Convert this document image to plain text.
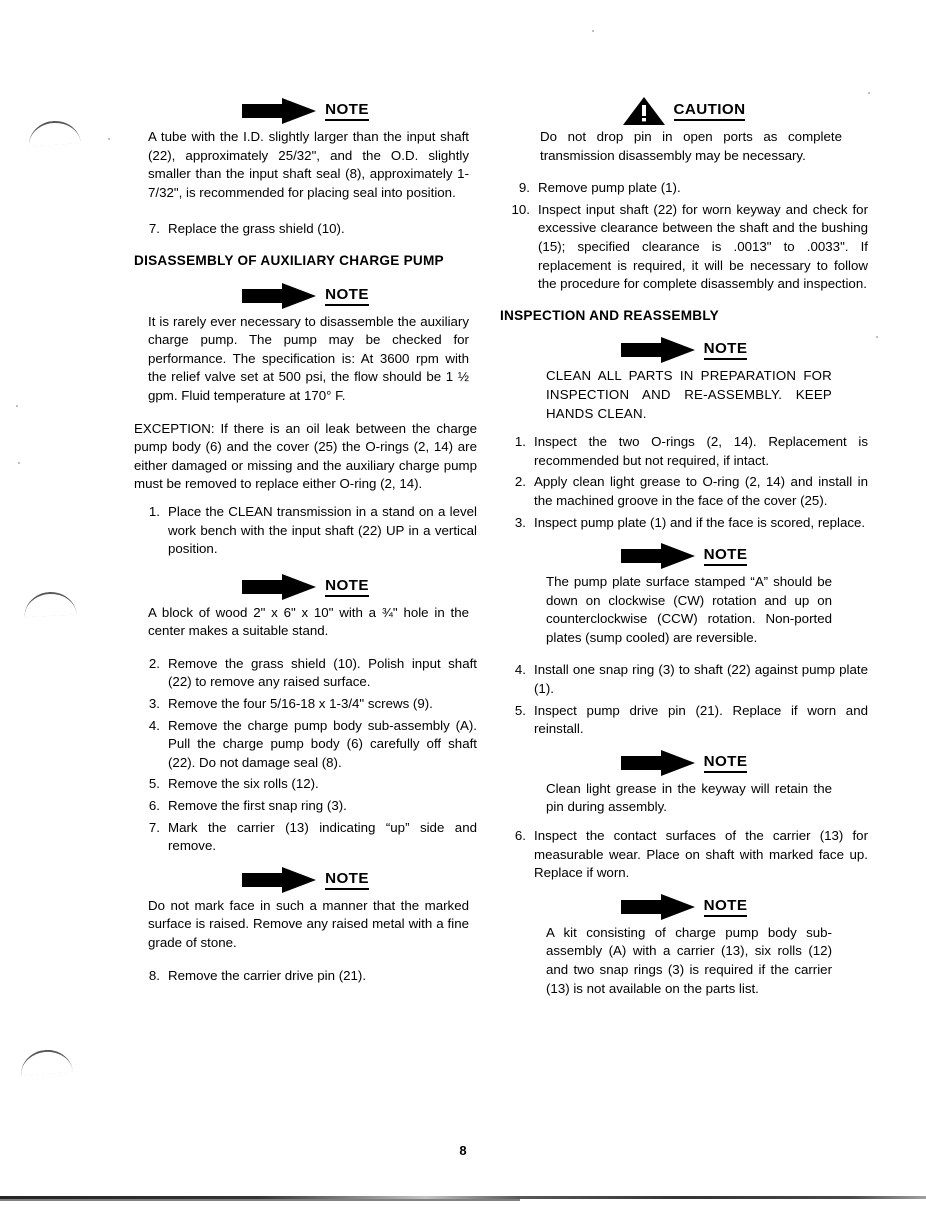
NOTE

A tube with the I.D. slightly larger than the input shaft (22), approximately 25/32", and the O.D. slightly smaller than the input shaft seal (8), approximately 1-7/32", is recommended for placing seal into position.

7. Replace the grass shield (10).
DISASSEMBLY OF AUXILIARY CHARGE PUMP
NOTE

It is rarely ever necessary to disassemble the auxiliary charge pump. The pump may be checked for performance. The specification is: At 3600 rpm with the relief valve set at 500 psi, the flow should be 1 ½ gpm. Fluid temperature at 170° F.

EXCEPTION: If there is an oil leak between the charge pump body (6) and the cover (25) the O-rings (2, 14) are either damaged or missing and the auxiliary charge pump must be removed to replace either O-ring (2, 14).

1. Place the CLEAN transmission in a stand on a level work bench with the input shaft (22) UP in a vertical position.
NOTE

A block of wood 2" x 6" x 10" with a ¾" hole in the center makes a suitable stand.

2. Remove the grass shield (10). Polish input shaft (22) to remove any raised surface.
3. Remove the four 5/16-18 x 1-3/4" screws (9).
4. Remove the charge pump body sub-assembly (A). Pull the charge pump body (6) carefully off shaft (22). Do not damage seal (8).
5. Remove the six rolls (12).
6. Remove the first snap ring (3).
7. Mark the carrier (13) indicating “up” side and remove.
NOTE

Do not mark face in such a manner that the marked surface is raised. Remove any raised metal with a fine grade of stone.

8. Remove the carrier drive pin (21).
CAUTION

Do not drop pin in open ports as complete transmission disassembly may be necessary.

9. Remove pump plate (1).
10. Inspect input shaft (22) for worn keyway and check for excessive clearance between the shaft and the bushing (15); specified clearance is .0013" to .0033". If replacement is required, it will be necessary to follow the procedure for complete disassembly and inspection.
INSPECTION AND REASSEMBLY
NOTE

CLEAN ALL PARTS IN PREPARATION FOR INSPECTION AND RE-ASSEMBLY. KEEP HANDS CLEAN.

1. Inspect the two O-rings (2, 14). Replacement is recommended but not required, if intact.
2. Apply clean light grease to O-ring (2, 14) and install in the machined groove in the face of the cover (25).
3. Inspect pump plate (1) and if the face is scored, replace.
NOTE

The pump plate surface stamped “A” should be down on clockwise (CW) rotation and up on counterclockwise (CCW) rotation. Non-ported plates (sump cooled) are reversible.

4. Install one snap ring (3) to shaft (22) against pump plate (1).
5. Inspect pump drive pin (21). Replace if worn and reinstall.
NOTE

Clean light grease in the keyway will retain the pin during assembly.

6. Inspect the contact surfaces of the carrier (13) for measurable wear. Place on shaft with marked face up. Replace if worn.
NOTE

A kit consisting of charge pump body sub-assembly (A) with a carrier (13), six rolls (12) and two snap rings (3) is required if the carrier (13) is not available on the parts list.

8
